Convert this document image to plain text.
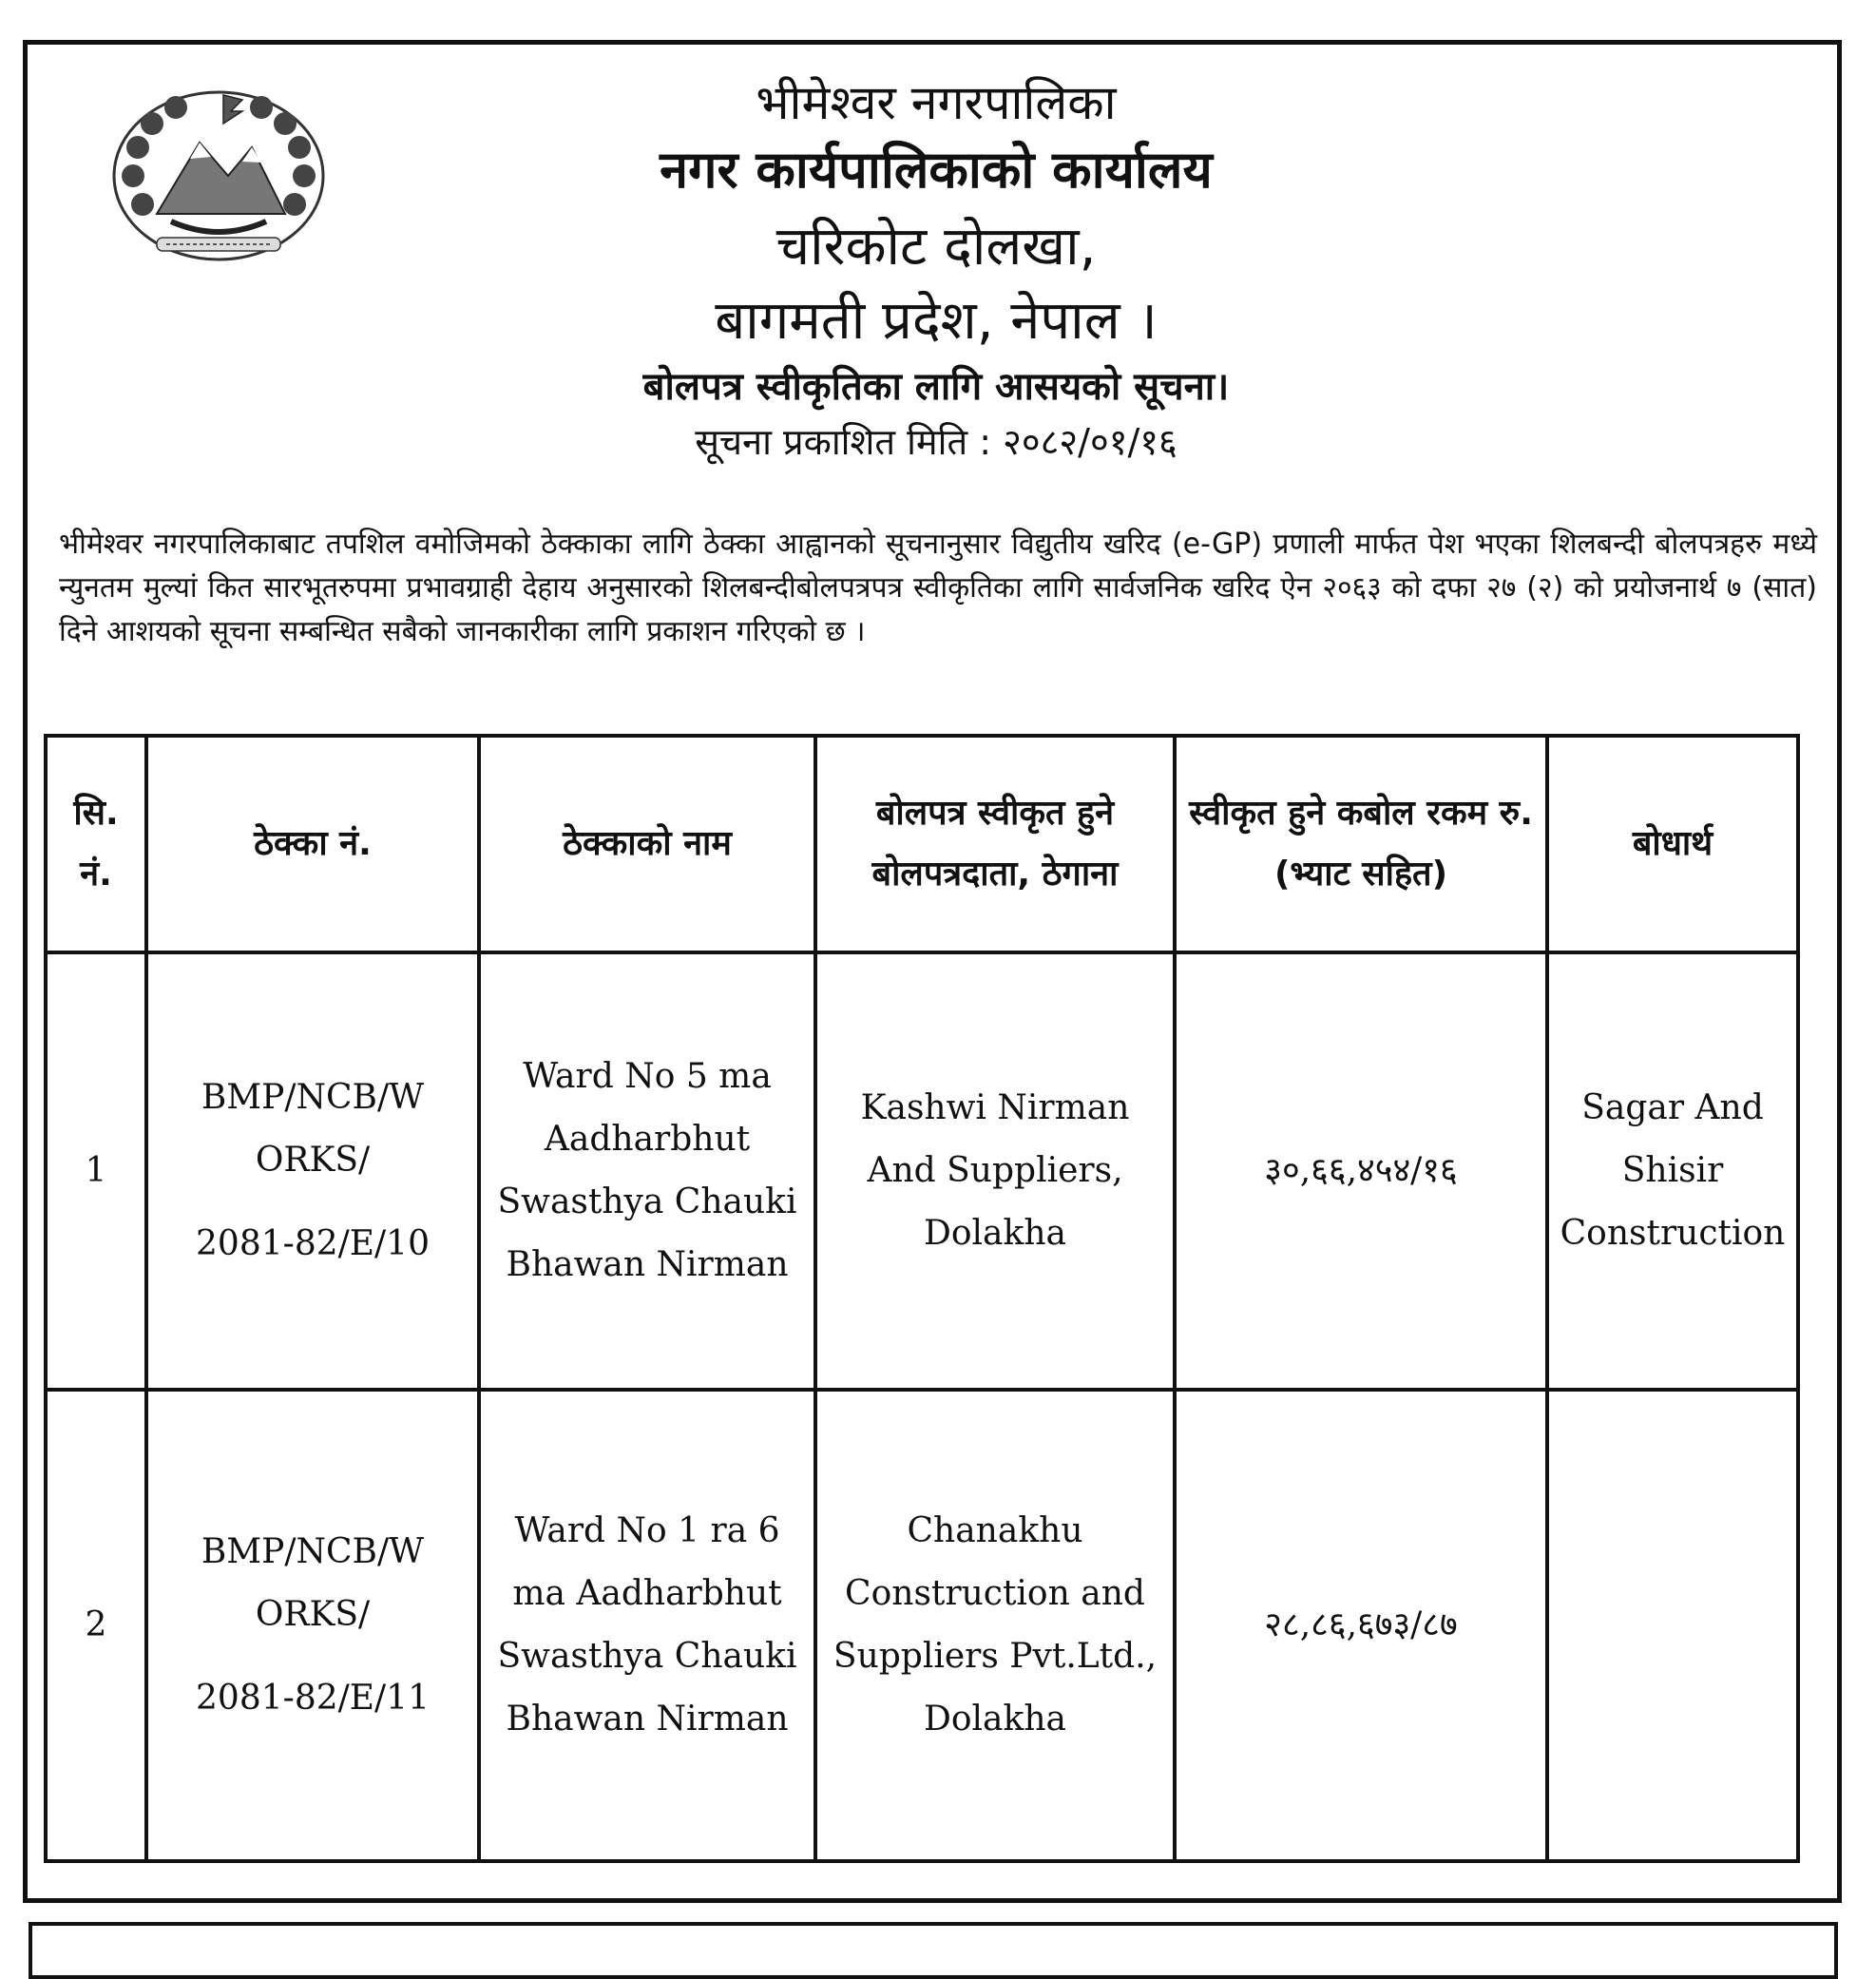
भीमेश्वर नगरपालिका
नगर कार्यपालिकाको कार्यालय
चरिकोट दोलखा,
बागमती प्रदेश, नेपाल ।
बोलपत्र स्वीकृतिका लागि आसयको सूचना।
सूचना प्रकाशित मिति : २०८२/०१/१६
भीमेश्वर नगरपालिकाबाट तपशिल वमोजिमको ठेक्काका लागि ठेक्का आह्वानको सूचनानुसार विद्युतीय खरिद (e-GP) प्रणाली मार्फत पेश भएका शिलबन्दी बोलपत्रहरु मध्ये न्युनतम मुल्यां कित सारभूतरुपमा प्रभावग्राही देहाय अनुसारको शिलबन्दीबोलपत्रपत्र स्वीकृतिका लागि सार्वजनिक खरिद ऐन २०६३ को दफा २७ (२) को प्रयोजनार्थ ७ (सात) दिने आशयको सूचना सम्बन्धित सबैको जानकारीका लागि प्रकाशन गरिएको छ ।
सि. नं.	ठेक्का नं.	ठेक्काको नाम	बोलपत्र स्वीकृत हुने बोलपत्रदाता, ठेगाना	स्वीकृत हुने कबोल रकम रु. (भ्याट सहित)	बोधार्थ
1	BMP/NCB/W
ORKS/
2081-82/E/10	Ward No 5 ma Aadharbhut Swasthya Chauki Bhawan Nirman	Kashwi Nirman And Suppliers, Dolakha	३०,६६,४५४/१६	Sagar And Shisir Construction
2	BMP/NCB/W
ORKS/
2081-82/E/11	Ward No 1 ra 6 ma Aadharbhut Swasthya Chauki Bhawan Nirman	Chanakhu Construction and Suppliers Pvt.Ltd., Dolakha	२८,८६,६७३/८७	
